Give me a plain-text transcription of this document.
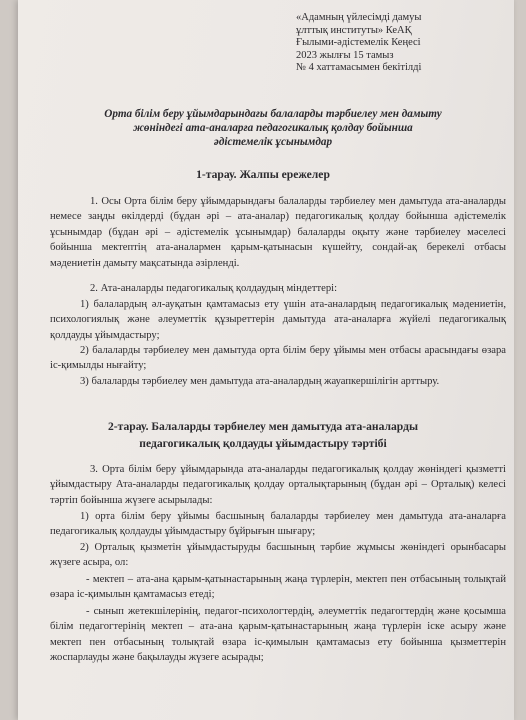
«Адамның үйлесімді дамуы
ұлттық институты» КеАҚ
Ғылыми-әдістемелік Кеңесі
2023 жылғы 15 тамыз
№ 4 хаттамасымен бекітілді
Орта білім беру ұйымдарындағы балаларды тәрбиелеу мен дамыту
жөніндегі ата-аналарға педагогикалық қолдау бойынша
әдістемелік ұсынымдар
1-тарау. Жалпы ережелер
1. Осы Орта білім беру ұйымдарындағы балаларды тәрбиелеу мен дамытуда ата-аналарды немесе заңды өкілдерді (бұдан әрі – ата-аналар) педагогикалық қолдау бойынша әдістемелік ұсынымдар (бұдан әрі – әдістемелік ұсынымдар) балаларды оқыту және тәрбиелеу мәселесі бойынша мектептің ата-аналармен қарым-қатынасын күшейту, сондай-ақ берекелі отбасы мәдениетін дамыту мақсатында әзірленді.
2. Ата-аналарды педагогикалық қолдаудың міндеттері:
1) балалардың әл-ауқатын қамтамасыз ету үшін ата-аналардың педагогикалық мәдениетін, психологиялық және әлеуметтік құзыреттерін дамытуда ата-аналарға жүйелі педагогикалық қолдауды ұйымдастыру;
2) балаларды тәрбиелеу мен дамытуда орта білім беру ұйымы мен отбасы арасындағы өзара іс-қимылды нығайту;
3) балаларды тәрбиелеу мен дамытуда ата-аналардың жауапкершілігін арттыру.
2-тарау. Балаларды тәрбиелеу мен дамытуда ата-аналарды
педагогикалық қолдауды ұйымдастыру тәртібі
3. Орта білім беру ұйымдарында ата-аналарды педагогикалық қолдау жөніндегі қызметті ұйымдастыру Ата-аналарды педагогикалық қолдау орталықтарының (бұдан әрі – Орталық) келесі тәртіп бойынша жүзеге асырылады:
1) орта білім беру ұйымы басшының балаларды тәрбиелеу мен дамытуда ата-аналарға педагогикалық қолдауды ұйымдастыру бұйрығын шығару;
2) Орталық қызметін ұйымдастыруды басшының тәрбие жұмысы жөніндегі орынбасары жүзеге асыра, ол:
- мектеп – ата-ана қарым-қатынастарының жаңа түрлерін, мектеп пен отбасының толықтай өзара іс-қимылын қамтамасыз етеді;
- сынып жетекшілерінің, педагог-психологтердің, әлеуметтік педагогтердің және қосымша білім педагогтерінің мектеп – ата-ана қарым-қатынастарының жаңа түрлерін іске асыру және мектеп пен отбасының толықтай өзара іс-қимылын қамтамасыз ету бойынша қызметтерін жоспарлауды және бақылауды жүзеге асырады;
